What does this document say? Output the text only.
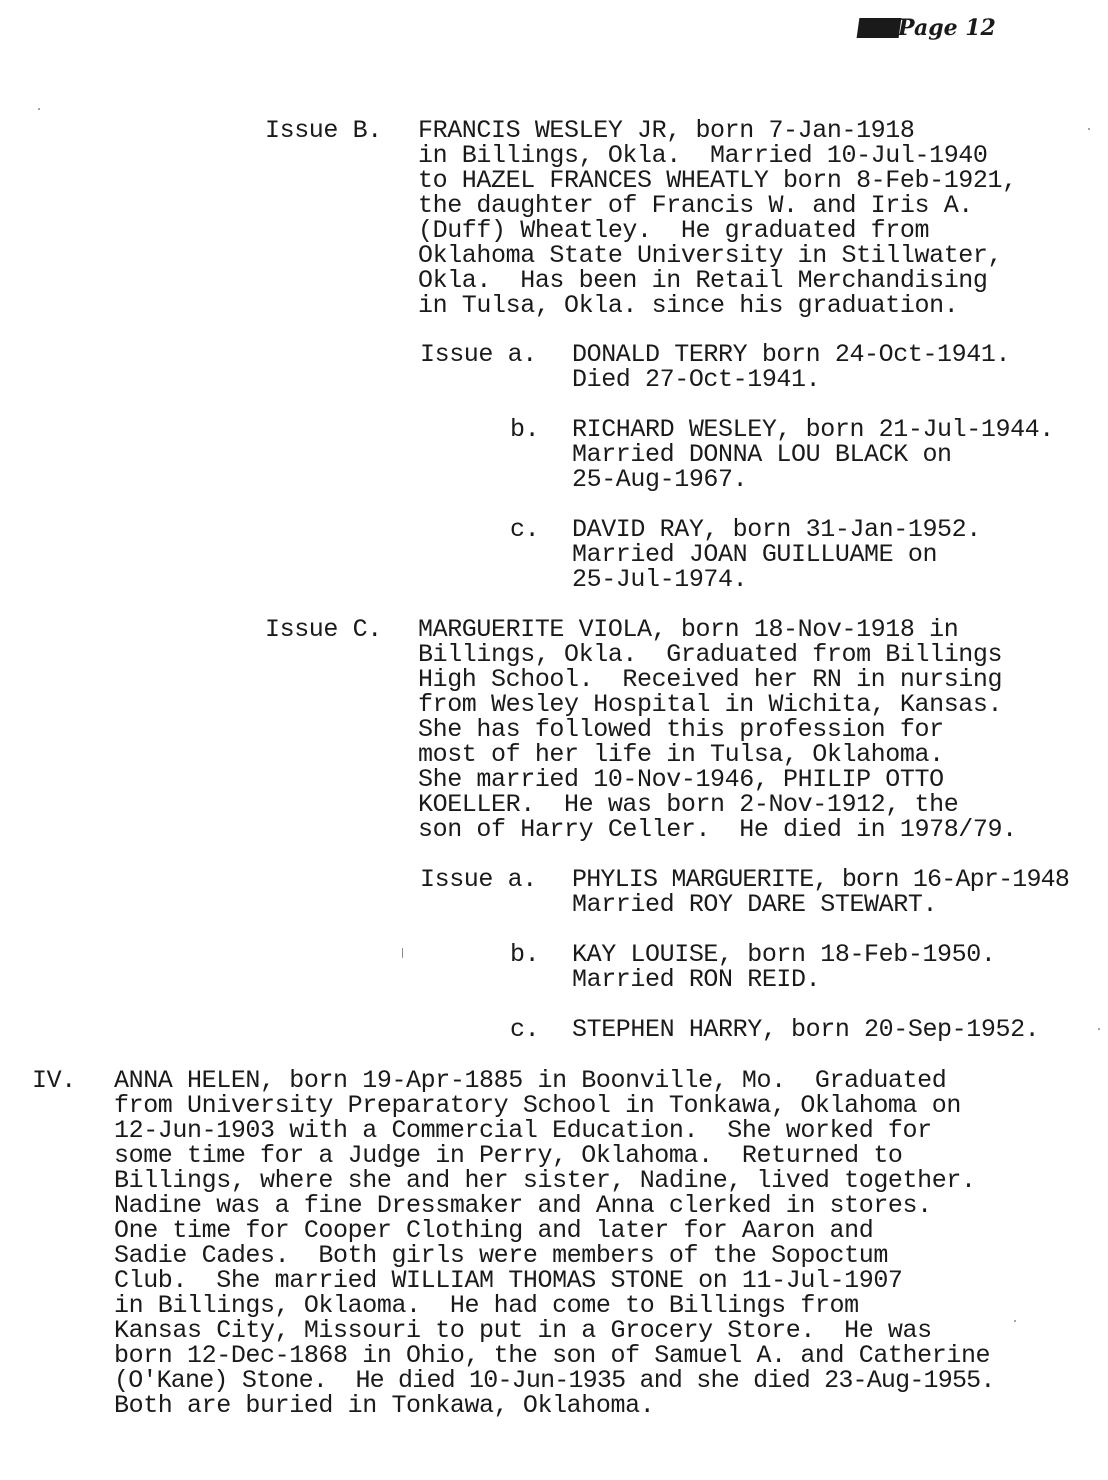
Page 12
Issue B. FRANCIS WESLEY JR, born 7-Jan-1918
in Billings, Okla.  Married 10-Jul-1940
to HAZEL FRANCES WHEATLY born 8-Feb-1921,
the daughter of Francis W. and Iris A.
(Duff) Wheatley.  He graduated from
Oklahoma State University in Stillwater,
Okla.  Has been in Retail Merchandising
in Tulsa, Okla. since his graduation.
Issue a. DONALD TERRY born 24-Oct-1941.
Died 27-Oct-1941.
b. RICHARD WESLEY, born 21-Jul-1944.
Married DONNA LOU BLACK on
25-Aug-1967.
c. DAVID RAY, born 31-Jan-1952.
Married JOAN GUILLUAME on
25-Jul-1974.
Issue C. MARGUERITE VIOLA, born 18-Nov-1918 in
Billings, Okla.  Graduated from Billings
High School.  Received her RN in nursing
from Wesley Hospital in Wichita, Kansas.
She has followed this profession for
most of her life in Tulsa, Oklahoma.
She married 10-Nov-1946, PHILIP OTTO
KOELLER.  He was born 2-Nov-1912, the
son of Harry Celler.  He died in 1978/79.
Issue a. PHYLIS MARGUERITE, born 16-Apr-1948
Married ROY DARE STEWART.
b. KAY LOUISE, born 18-Feb-1950.
Married RON REID.
c. STEPHEN HARRY, born 20-Sep-1952.
IV. ANNA HELEN, born 19-Apr-1885 in Boonville, Mo.  Graduated
from University Preparatory School in Tonkawa, Oklahoma on
12-Jun-1903 with a Commercial Education.  She worked for
some time for a Judge in Perry, Oklahoma.  Returned to
Billings, where she and her sister, Nadine, lived together.
Nadine was a fine Dressmaker and Anna clerked in stores.
One time for Cooper Clothing and later for Aaron and
Sadie Cades.  Both girls were members of the Sopoctum
Club.  She married WILLIAM THOMAS STONE on 11-Jul-1907
in Billings, Oklaoma.  He had come to Billings from
Kansas City, Missouri to put in a Grocery Store.  He was
born 12-Dec-1868 in Ohio, the son of Samuel A. and Catherine
(O'Kane) Stone.  He died 10-Jun-1935 and she died 23-Aug-1955.
Both are buried in Tonkawa, Oklahoma.
